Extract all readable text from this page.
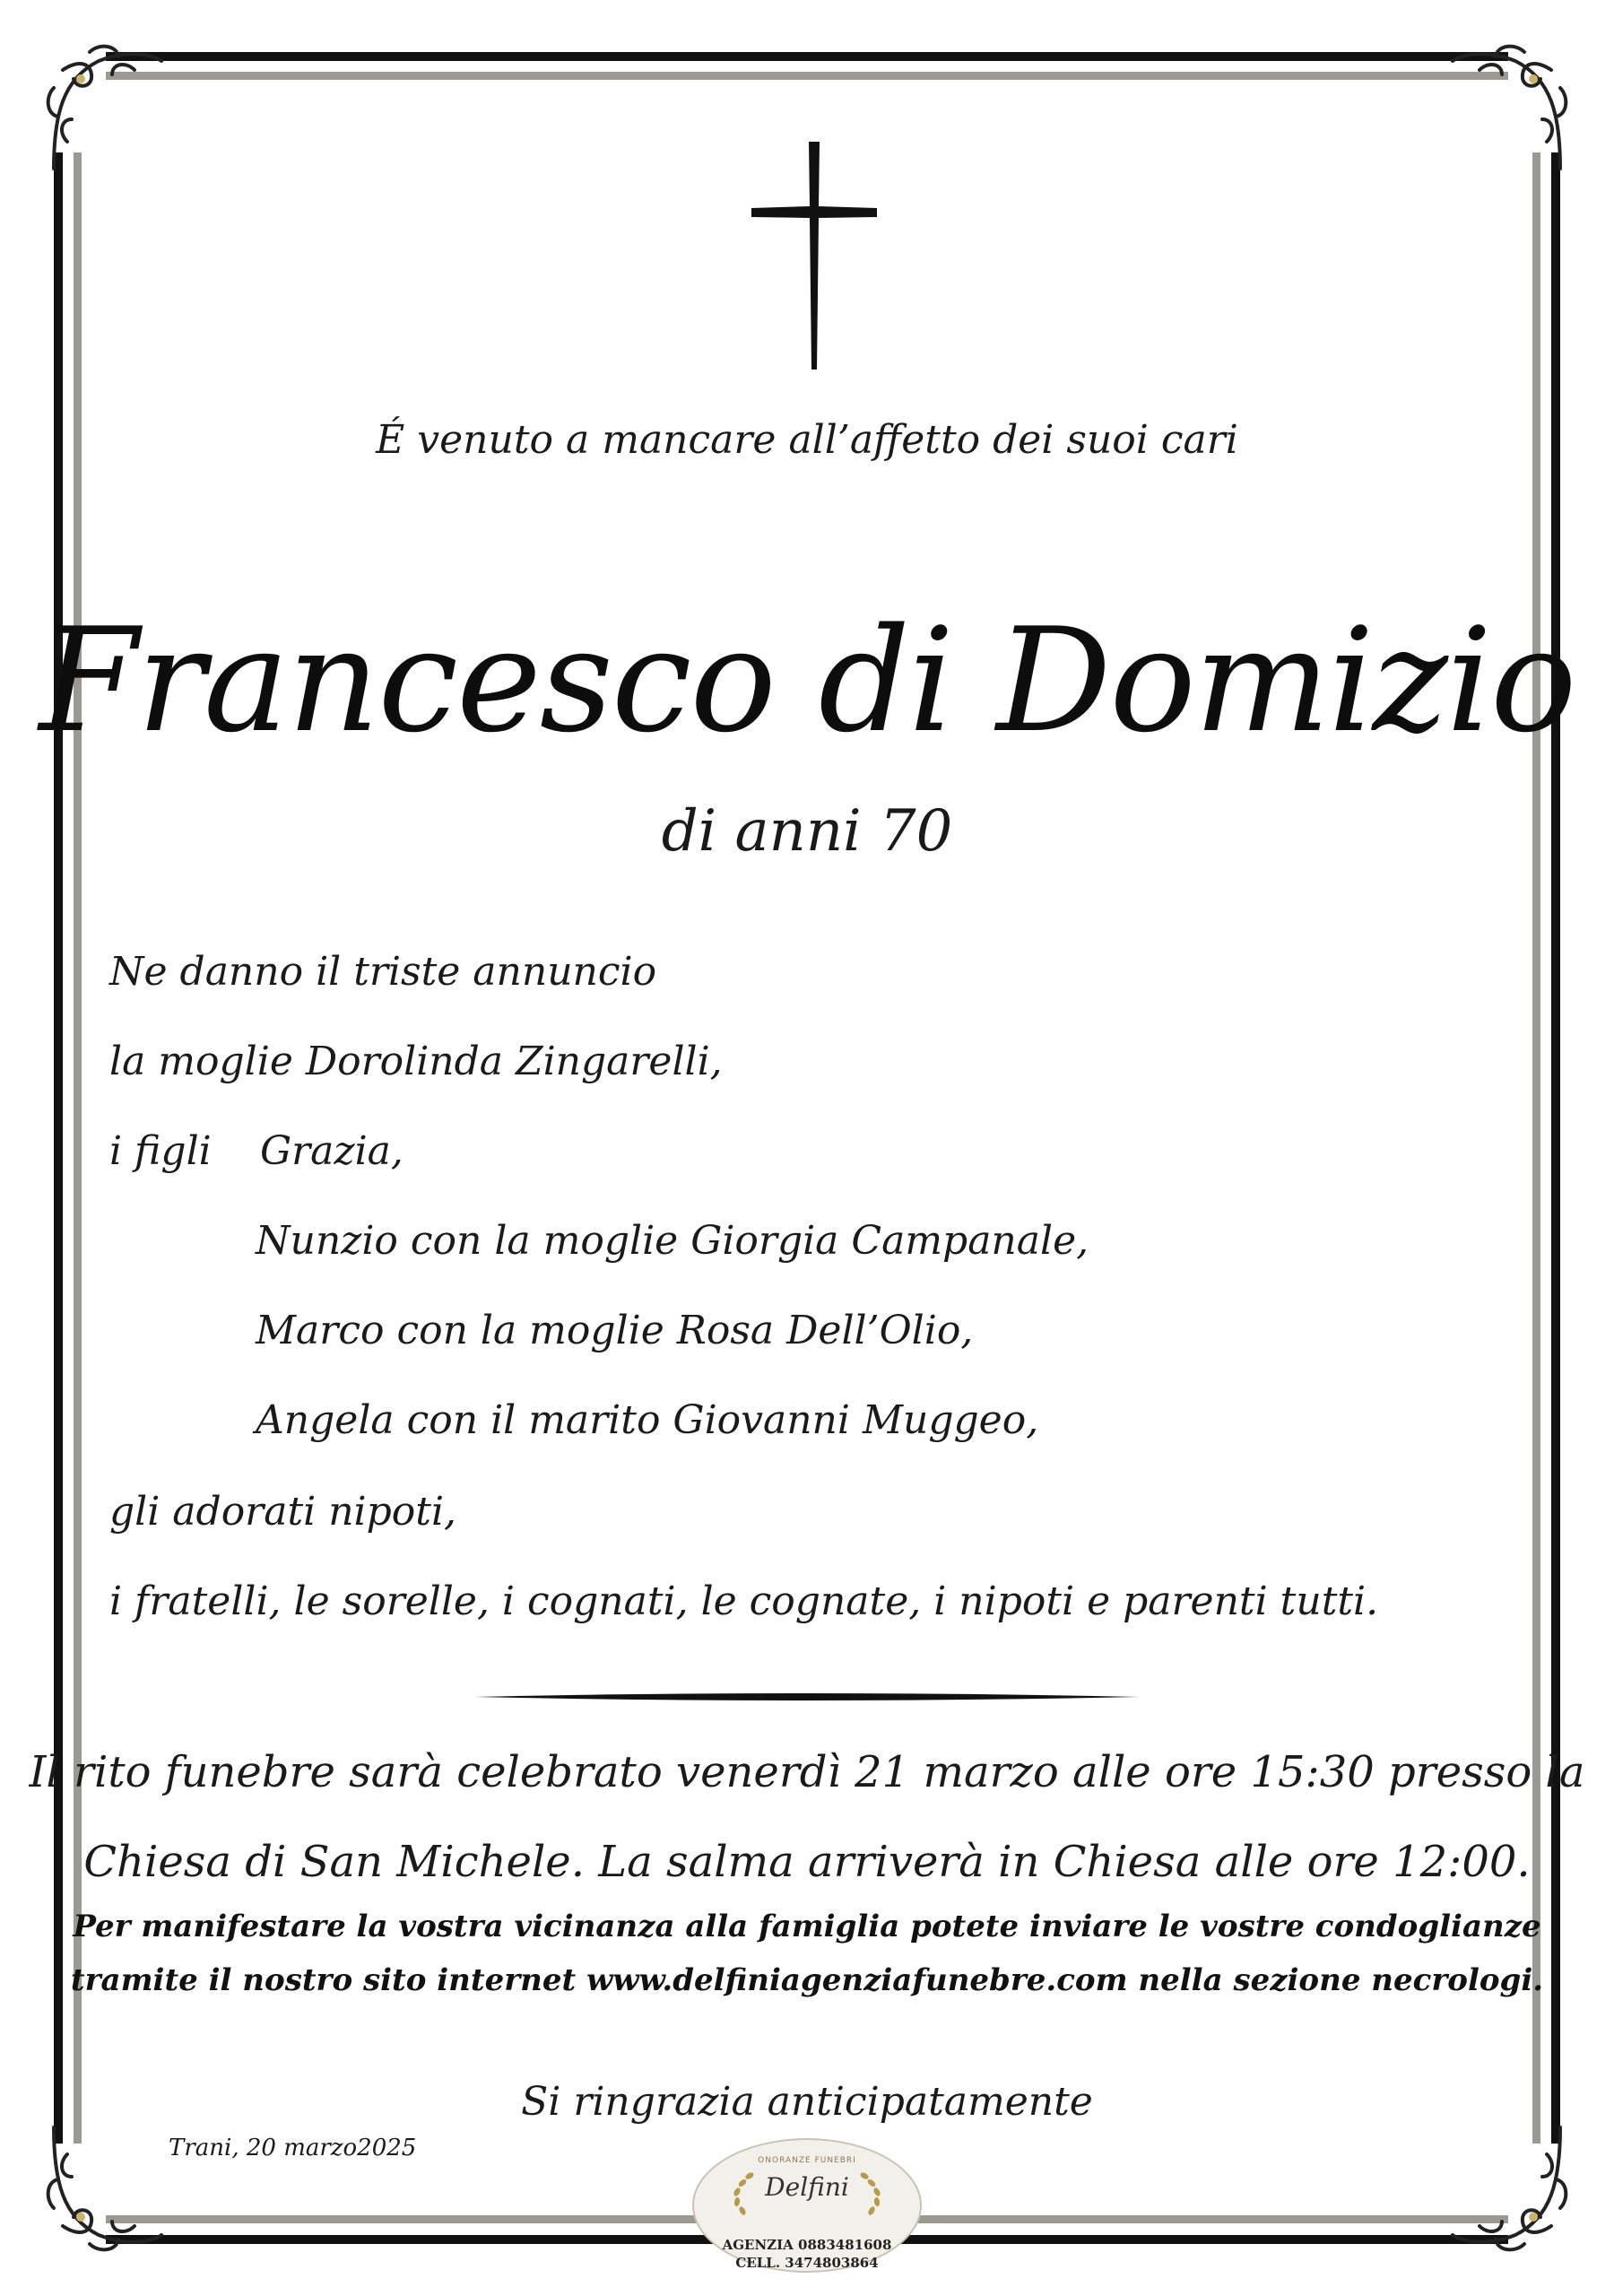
É venuto a mancare all’affetto dei suoi cari
Francesco di Domizio
di anni 70
Ne danno il triste annuncio
la moglie Dorolinda Zingarelli,
i figli Grazia,
Nunzio con la moglie Giorgia Campanale,
Marco con la moglie Rosa Dell’Olio,
Angela con il marito Giovanni Muggeo,
gli adorati nipoti,
i fratelli, le sorelle, i cognati, le cognate, i nipoti e parenti tutti.
Il rito funebre sarà celebrato venerdì 21 marzo alle ore 15:30 presso la
Chiesa di San Michele. La salma arriverà in Chiesa alle ore 12:00.
Per manifestare la vostra vicinanza alla famiglia potete inviare le vostre condoglianze
tramite il nostro sito internet www.delfiniagenziafunebre.com nella sezione necrologi.
Si ringrazia anticipatamente
Trani, 20 marzo2025	ONORANZE FUNEBRI
Delfini
AGENZIA 0883481608
CELL. 3474803864
